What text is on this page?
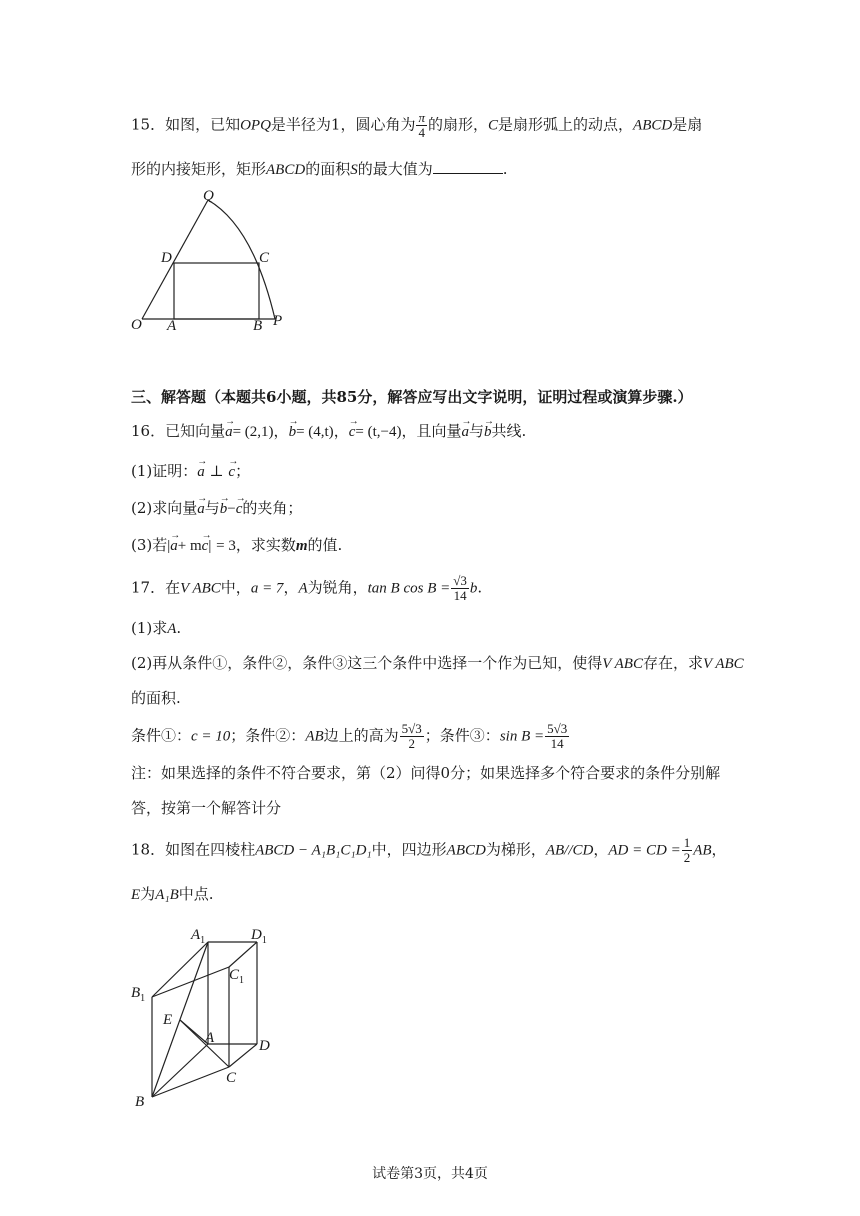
15．如图，已知OPQ是半径为1，圆心角为 $\frac{\pi}{4}$ 的扇形，C是扇形弧上的动点，ABCD是扇
形的内接矩形，矩形ABCD的面积S的最大值为	.
Q
D	C
O A	B P
三、解答题（本题共6小题，共85分，解答应写出文字说明，证明过程或演算步骤.）
16．已知向量→ a= (2,1)，→ b= (4,t)，→ c= (t,−4)，且向量→ a与→ b共线.
(1)证明：→ a ⊥ → c；
(2)求向量→ a与→ b−→ c的夹角；
(3)若|→ a+ m→ c| = 3，求实数m的值.
17．在V ABC中，a = 7，A为锐角，tan B $\cos B = \frac{√3}{14} b$.
(1)求A.
(2)再从条件①，条件②，条件③这三个条件中选择一个作为已知，使得V ABC存在，求V ABC
的面积.
条件①：c = 10；条件②：AB边上的高为 $\frac{5√3}{2}$ ；条件③：$\sin B = \frac{5√3}{14}$
注：如果选择的条件不符合要求，第（2）问得0分；如果选择多个符合要求的条件分别解
答，按第一个解答计分
18．如图在四棱柱ABCD − A₁B₁C₁D₁中，四边形ABCD为梯形，AB//CD，AD = CD = $\frac{1}{2}$ AB，
E为A₁B中点.
$A_1$	$D_1$
$C_1$
$B_1$
E
A	D
C
B
试卷第3页，共4页
